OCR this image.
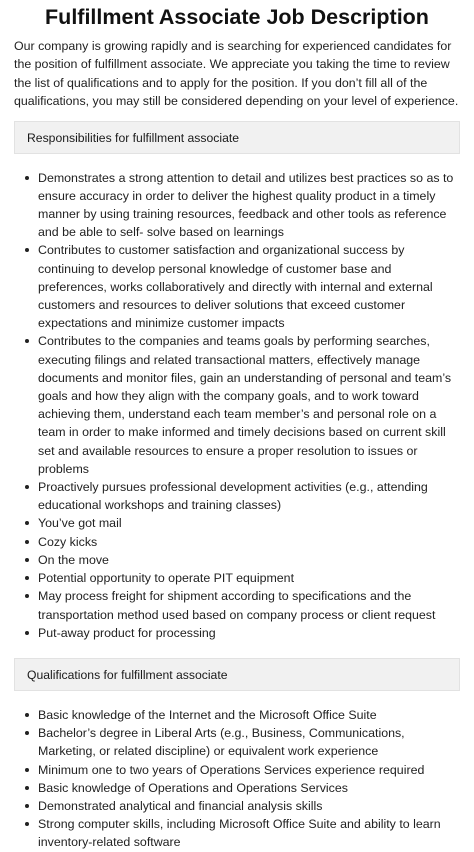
Fulfillment Associate Job Description

Our company is growing rapidly and is searching for experienced candidates for the position of fulfillment associate. We appreciate you taking the time to review the list of qualifications and to apply for the position. If you don’t fill all of the qualifications, you may still be considered depending on your level of experience.

Responsibilities for fulfillment associate
Demonstrates a strong attention to detail and utilizes best practices so as to ensure accuracy in order to deliver the highest quality product in a timely manner by using training resources, feedback and other tools as reference and be able to self- solve based on learnings
Contributes to customer satisfaction and organizational success by continuing to develop personal knowledge of customer base and preferences, works collaboratively and directly with internal and external customers and resources to deliver solutions that exceed customer expectations and minimize customer impacts
Contributes to the companies and teams goals by performing searches, executing filings and related transactional matters, effectively manage documents and monitor files, gain an understanding of personal and team’s goals and how they align with the company goals, and to work toward achieving them, understand each team member’s and personal role on a team in order to make informed and timely decisions based on current skill set and available resources to ensure a proper resolution to issues or problems
Proactively pursues professional development activities (e.g., attending educational workshops and training classes)
You’ve got mail
Cozy kicks
On the move
Potential opportunity to operate PIT equipment
May process freight for shipment according to specifications and the transportation method used based on company process or client request
Put-away product for processing
Qualifications for fulfillment associate
Basic knowledge of the Internet and the Microsoft Office Suite
Bachelor’s degree in Liberal Arts (e.g., Business, Communications, Marketing, or related discipline) or equivalent work experience
Minimum one to two years of Operations Services experience required
Basic knowledge of Operations and Operations Services
Demonstrated analytical and financial analysis skills
Strong computer skills, including Microsoft Office Suite and ability to learn inventory-related software
